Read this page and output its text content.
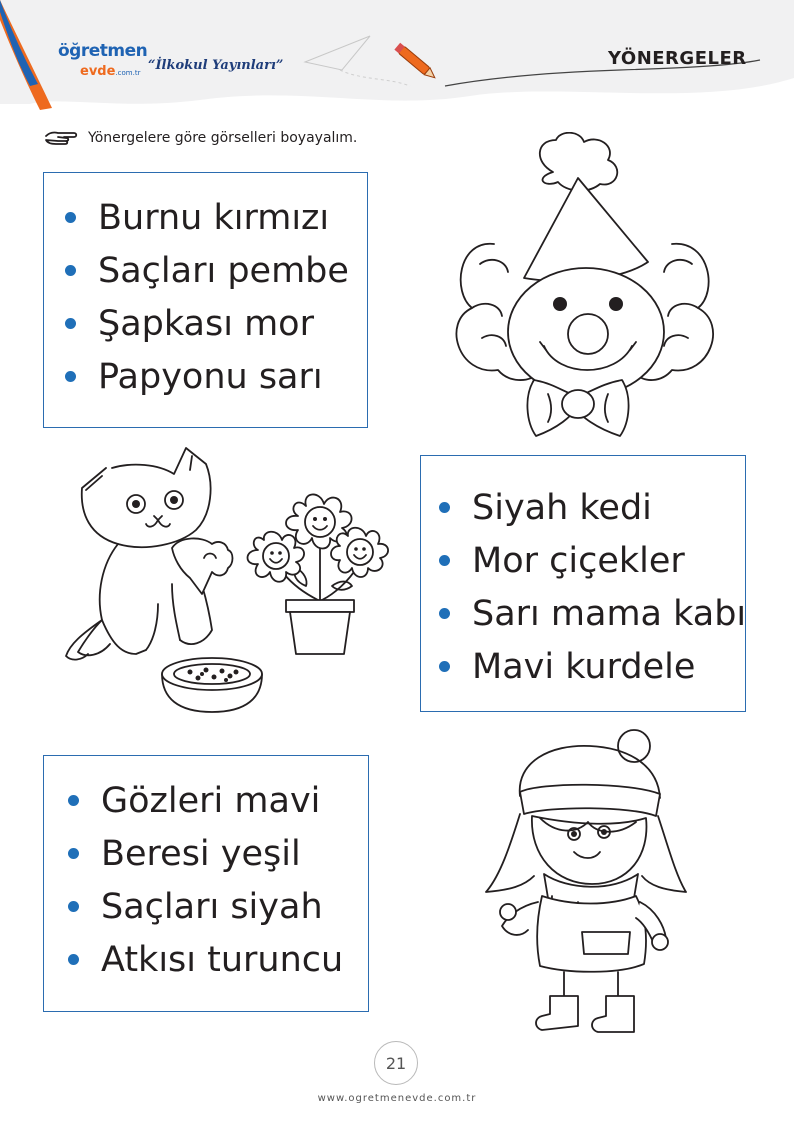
öğretmen
evde.com.tr “İlkokul Yayınları”	YÖNERGELER
Yönergelere göre görselleri boyayalım.
Burnu kırmızı
Saçları pembe
Şapkası mor
Papyonu sarı
Siyah kedi
Mor çiçekler
Sarı mama kabı
Mavi kurdele
Gözleri mavi
Beresi yeşil
Saçları siyah
Atkısı turuncu
21
www.ogretmenevde.com.tr
